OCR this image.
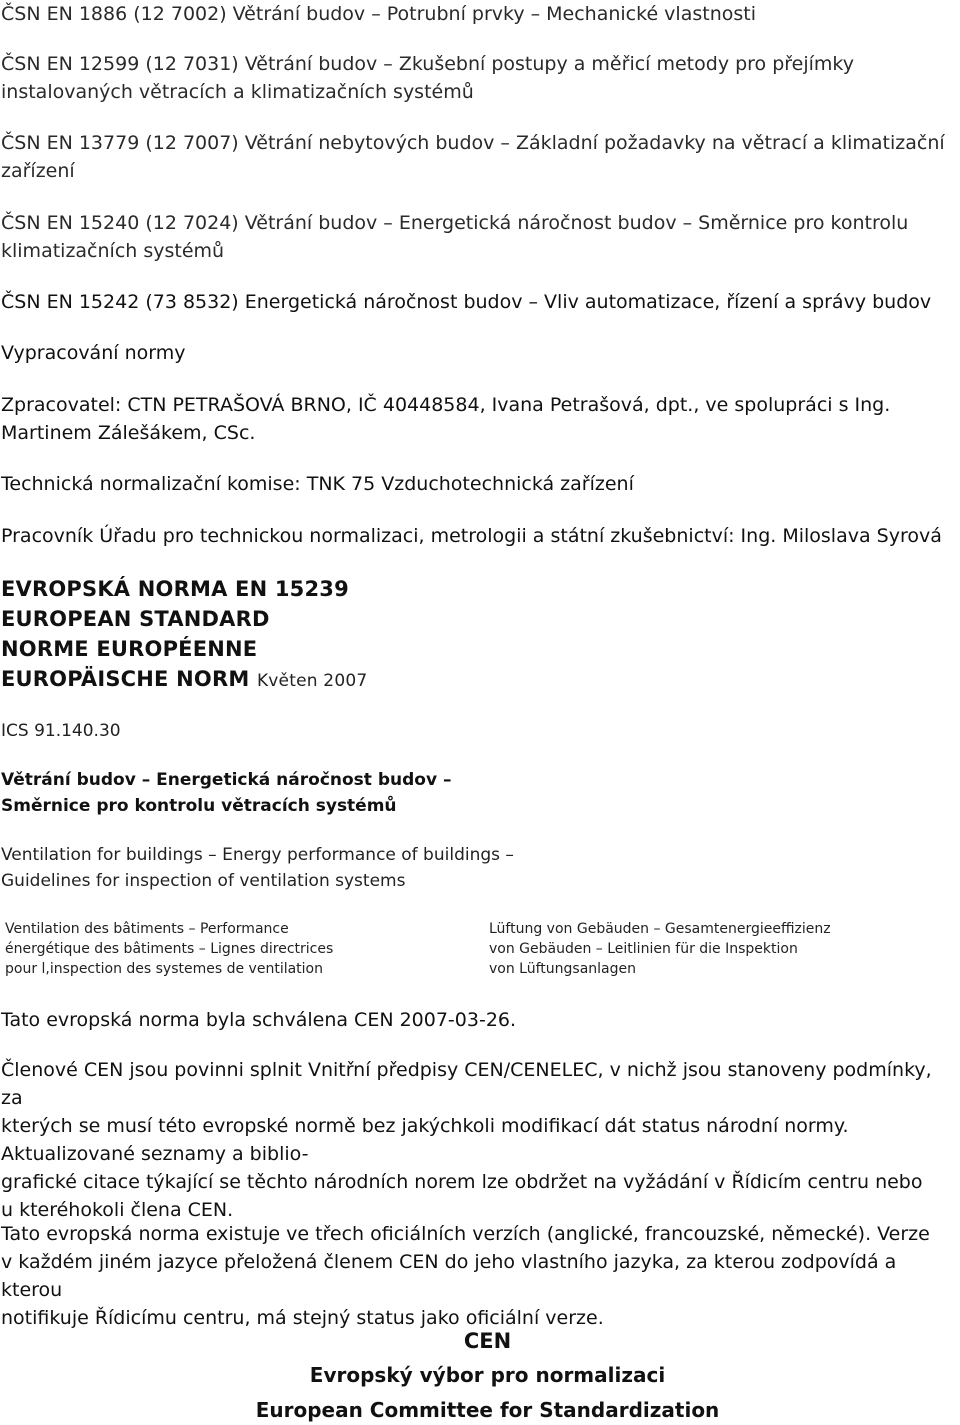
ČSN EN 1886 (12 7002) Větrání budov – Potrubní prvky – Mechanické vlastnosti

ČSN EN 12599 (12 7031) Větrání budov – Zkušební postupy a měřicí metody pro přejímky

instalovaných větracích a klimatizačních systémů

ČSN EN 13779 (12 7007) Větrání nebytových budov – Základní požadavky na větrací a klimatizační

zařízení

ČSN EN 15240 (12 7024) Větrání budov – Energetická náročnost budov – Směrnice pro kontrolu

klimatizačních systémů

ČSN EN 15242 (73 8532) Energetická náročnost budov – Vliv automatizace, řízení a správy budov

Vypracování normy

Zpracovatel: CTN PETRAŠOVÁ BRNO, IČ 40448584, Ivana Petrašová, dpt., ve spolupráci s Ing.

Martinem Zálešákem, CSc.

Technická normalizační komise: TNK 75 Vzduchotechnická zařízení

Pracovník Úřadu pro technickou normalizaci, metrologii a státní zkušebnictví: Ing. Miloslava Syrová

EVROPSKÁ NORMA EN 15239

EUROPEAN STANDARD

NORME EUROPÉENNE

EUROPÄISCHE NORM Květen 2007

ICS 91.140.30

Větrání budov – Energetická náročnost budov –

Směrnice pro kontrolu větracích systémů

Ventilation for buildings – Energy performance of buildings –

Guidelines for inspection of ventilation systems

Ventilation des bâtiments – Performance

énergétique des bâtiments – Lignes directrices

pour l,inspection des systemes de ventilation

Lüftung von Gebäuden – Gesamtenergieeffizienz

von Gebäuden – Leitlinien für die Inspektion

von Lüftungsanlagen

Tato evropská norma byla schválena CEN 2007-03-26.

Členové CEN jsou povinni splnit Vnitřní předpisy CEN/CENELEC, v nichž jsou stanoveny podmínky, za

kterých se musí této evropské normě bez jakýchkoli modifikací dát status národní normy.

Aktualizované seznamy a biblio-

grafické citace týkající se těchto národních norem lze obdržet na vyžádání v Řídicím centru nebo

u kteréhokoli člena CEN.

Tato evropská norma existuje ve třech oficiálních verzích (anglické, francouzské, německé). Verze

v každém jiném jazyce přeložená členem CEN do jeho vlastního jazyka, za kterou zodpovídá a kterou

notifikuje Řídicímu centru, má stejný status jako oficiální verze.

CEN

Evropský výbor pro normalizaci

European Committee for Standardization
